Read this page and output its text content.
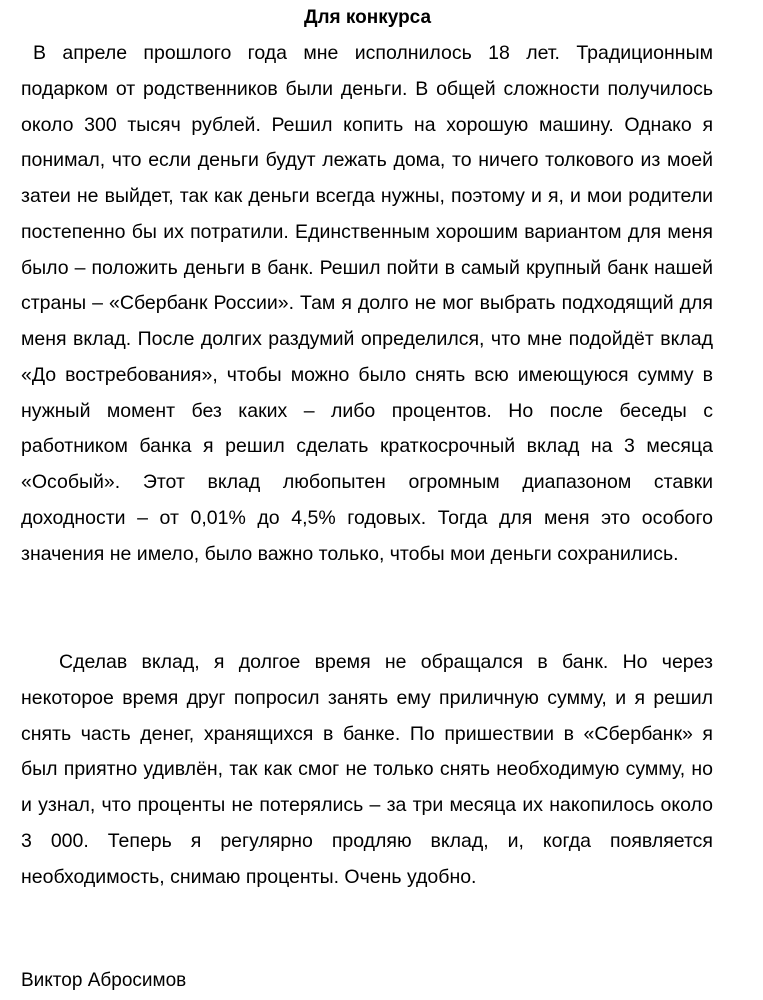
Для конкурса

В апреле прошлого года мне исполнилось 18 лет. Традиционным подарком от родственников были деньги. В общей сложности получилось около 300 тысяч рублей. Решил копить на хорошую машину. Однако я понимал, что если деньги будут лежать дома, то ничего толкового из моей затеи не выйдет, так как деньги всегда нужны, поэтому и я, и мои родители постепенно бы их потратили. Единственным хорошим вариантом для меня было – положить деньги в банк. Решил пойти в самый крупный банк нашей страны – «Сбербанк России». Там я долго не мог выбрать подходящий для меня вклад. После долгих раздумий определился, что мне подойдёт вклад «До востребования», чтобы можно было снять всю имеющуюся сумму в нужный момент без каких – либо процентов. Но после беседы с работником банка я решил сделать краткосрочный вклад на 3 месяца «Особый». Этот вклад любопытен огромным диапазоном ставки доходности – от 0,01% до 4,5% годовых. Тогда для меня это особого значения не имело, было важно только, чтобы мои деньги сохранились.

Сделав вклад, я долгое время не обращался в банк. Но через некоторое время друг попросил занять ему приличную сумму, и я решил снять часть денег, хранящихся в банке. По пришествии в «Сбербанк» я был приятно удивлён, так как смог не только снять необходимую сумму, но и узнал, что проценты не потерялись – за три месяца их накопилось около 3 000. Теперь я регулярно продляю вклад, и, когда появляется необходимость, снимаю проценты. Очень удобно.

Виктор Абросимов
